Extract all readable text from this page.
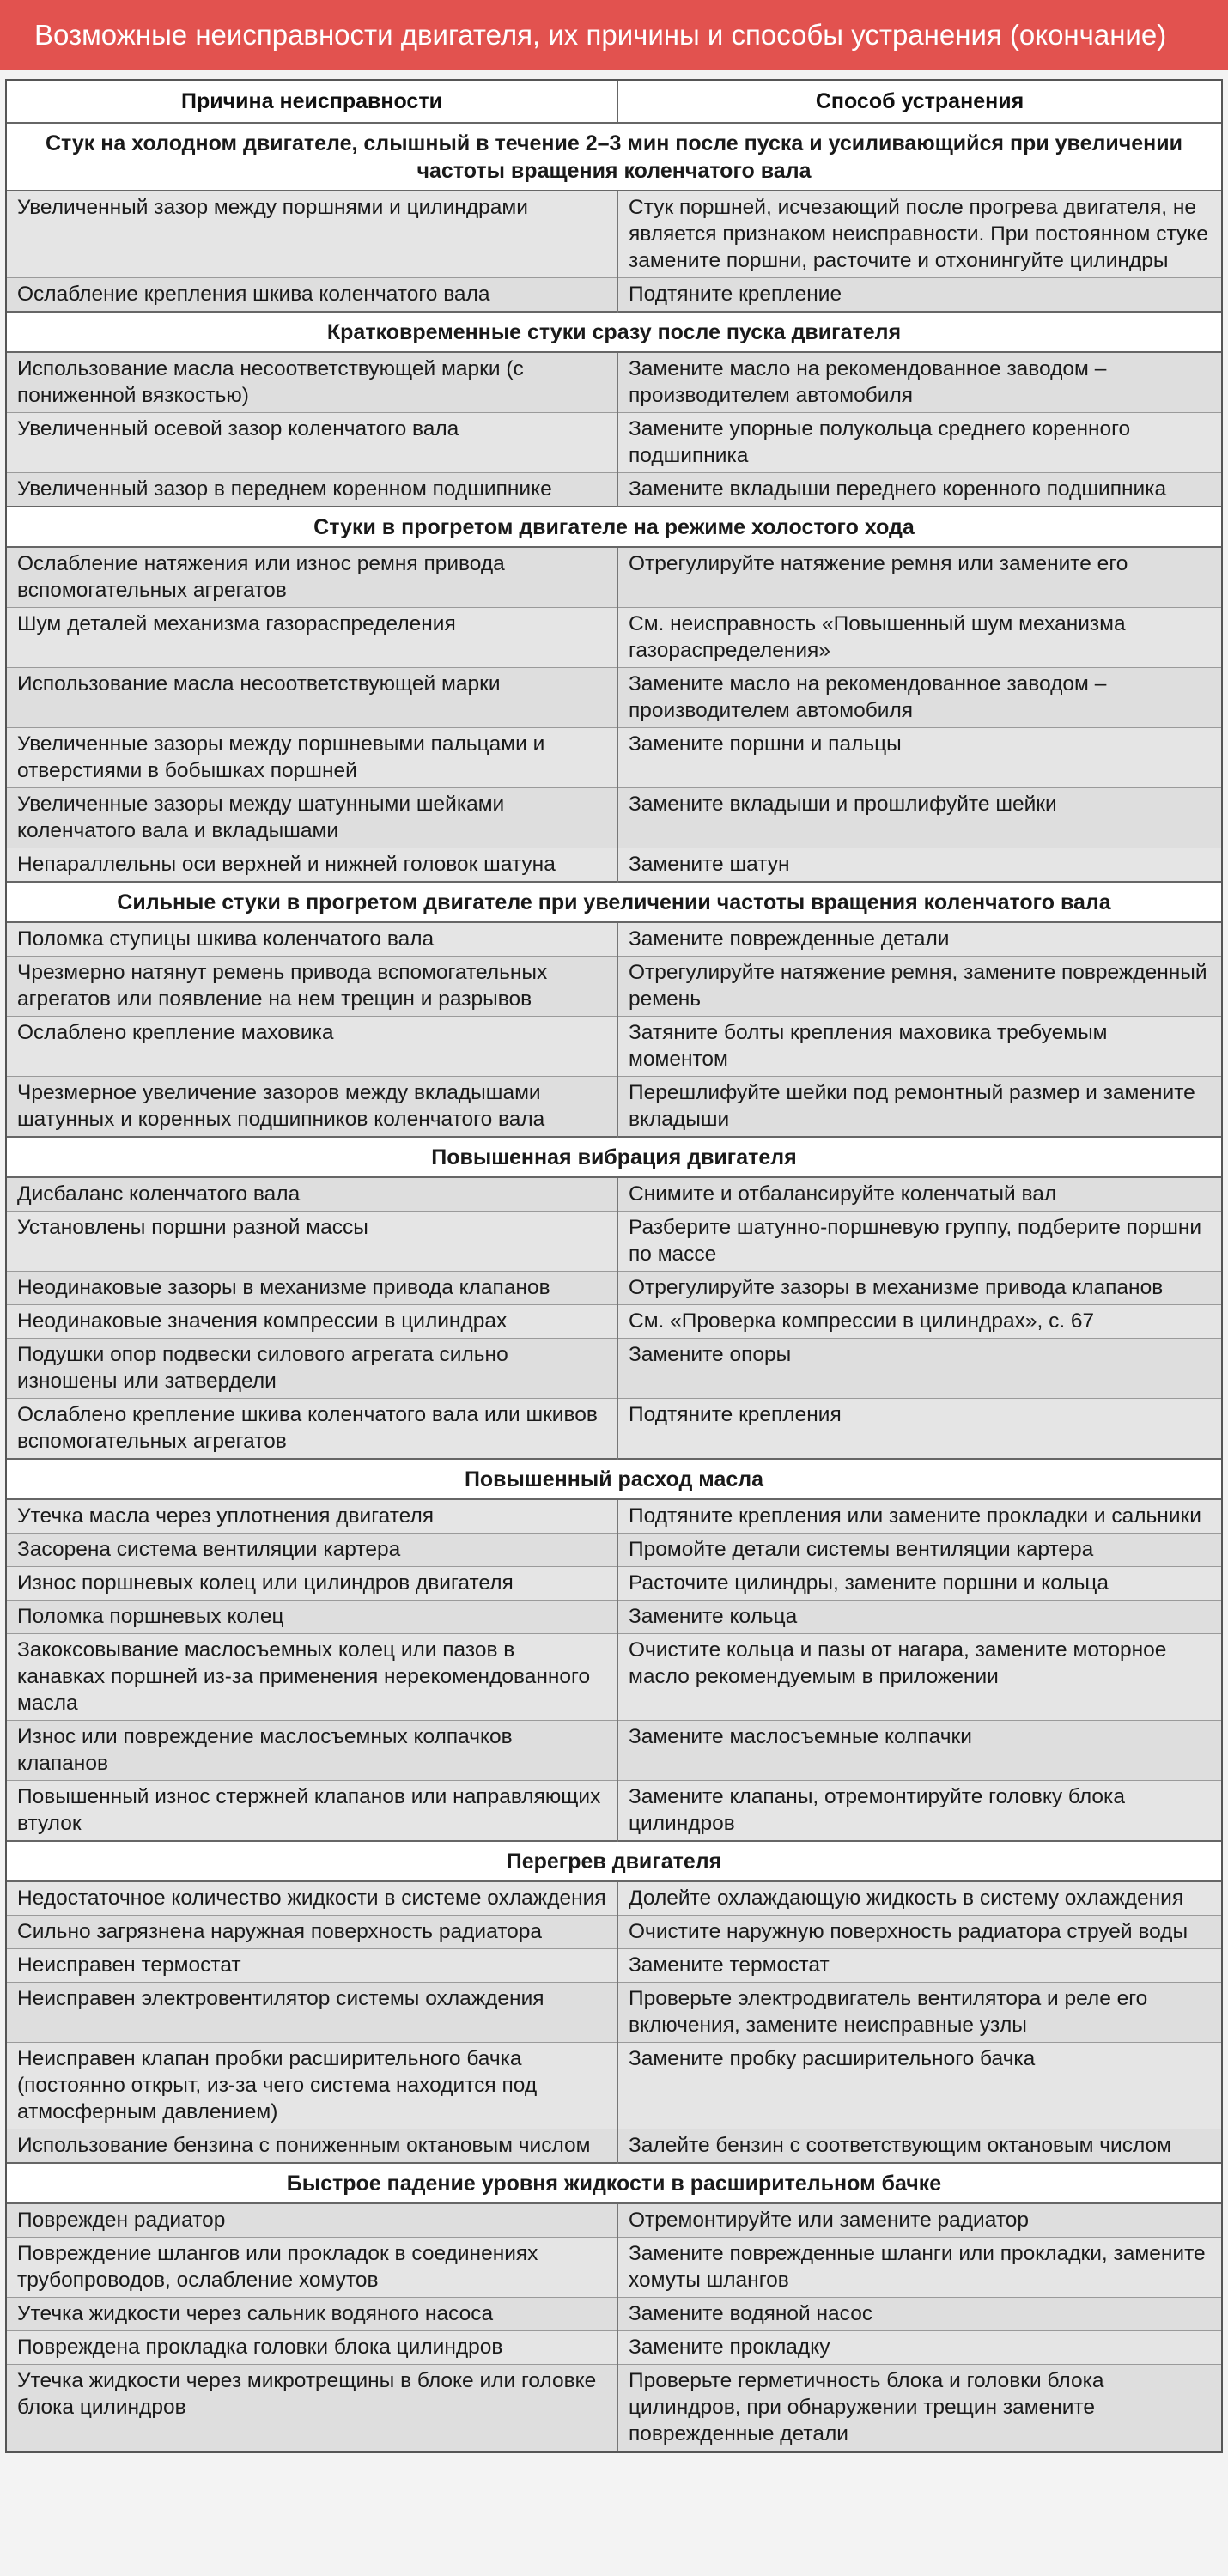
Возможные неисправности двигателя, их причины и способы устранения (окончание)
Причина неисправности	Способ устранения
Стук на холодном двигателе, слышный в течение 2–3 мин после пуска и усиливающийся при увеличении частоты вращения коленчатого вала	
Увеличенный зазор между поршнями и цилиндрами	Стук поршней, исчезающий после прогрева двигателя, не является признаком неисправности. При постоянном стуке замените поршни, расточите и отхонингуйте цилиндры
Ослабление крепления шкива коленчатого вала	Подтяните крепление
Кратковременные стуки сразу после пуска двигателя	
Использование масла несоответствующей марки (с пониженной вязкостью)	Замените масло на рекомендованное заводом – производителем автомобиля
Увеличенный осевой зазор коленчатого вала	Замените упорные полукольца среднего коренного подшипника
Увеличенный зазор в переднем коренном подшипнике	Замените вкладыши переднего коренного подшипника
Стуки в прогретом двигателе на режиме холостого хода	
Ослабление натяжения или износ ремня привода вспомогательных агрегатов	Отрегулируйте натяжение ремня или замените его
Шум деталей механизма газораспределения	См. неисправность «Повышенный шум механизма газораспределения»
Использование масла несоответствующей марки	Замените масло на рекомендованное заводом – производителем автомобиля
Увеличенные зазоры между поршневыми пальцами и отверстиями в бобышках поршней	Замените поршни и пальцы
Увеличенные зазоры между шатунными шейками коленчатого вала и вкладышами	Замените вкладыши и прошлифуйте шейки
Непараллельны оси верхней и нижней головок шатуна	Замените шатун
Сильные стуки в прогретом двигателе при увеличении частоты вращения коленчатого вала	
Поломка ступицы шкива коленчатого вала	Замените поврежденные детали
Чрезмерно натянут ремень привода вспомогательных агрегатов или появление на нем трещин и разрывов	Отрегулируйте натяжение ремня, замените поврежденный ремень
Ослаблено крепление маховика	Затяните болты крепления маховика требуемым моментом
Чрезмерное увеличение зазоров между вкладышами шатунных и коренных подшипников коленчатого вала	Перешлифуйте шейки под ремонтный размер и замените вкладыши
Повышенная вибрация двигателя	
Дисбаланс коленчатого вала	Снимите и отбалансируйте коленчатый вал
Установлены поршни разной массы	Разберите шатунно-поршневую группу, подберите поршни по массе
Неодинаковые зазоры в механизме привода клапанов	Отрегулируйте зазоры в механизме привода клапанов
Неодинаковые значения компрессии в цилиндрах	См. «Проверка компрессии в цилиндрах», с. 67
Подушки опор подвески силового агрегата сильно изношены или затвердели	Замените опоры
Ослаблено крепление шкива коленчатого вала или шкивов вспомогательных агрегатов	Подтяните крепления
Повышенный расход масла	
Утечка масла через уплотнения двигателя	Подтяните крепления или замените прокладки и сальники
Засорена система вентиляции картера	Промойте детали системы вентиляции картера
Износ поршневых колец или цилиндров двигателя	Расточите цилиндры, замените поршни и кольца
Поломка поршневых колец	Замените кольца
Закоксовывание маслосъемных колец или пазов в канавках поршней из-за применения нерекомендованного масла	Очистите кольца и пазы от нагара, замените моторное масло рекомендуемым в приложении
Износ или повреждение маслосъемных колпачков клапанов	Замените маслосъемные колпачки
Повышенный износ стержней клапанов или направляющих втулок	Замените клапаны, отремонтируйте головку блока цилиндров
Перегрев двигателя	
Недостаточное количество жидкости в системе охлаждения	Долейте охлаждающую жидкость в систему охлаждения
Сильно загрязнена наружная поверхность радиатора	Очистите наружную поверхность радиатора струей воды
Неисправен термостат	Замените термостат
Неисправен электровентилятор системы охлаждения	Проверьте электродвигатель вентилятора и реле его включения, замените неисправные узлы
Неисправен клапан пробки расширительного бачка (постоянно открыт, из-за чего система находится под атмосферным давлением)	Замените пробку расширительного бачка
Использование бензина с пониженным октановым числом	Залейте бензин с соответствующим октановым числом
Быстрое падение уровня жидкости в расширительном бачке	
Поврежден радиатор	Отремонтируйте или замените радиатор
Повреждение шлангов или прокладок в соединениях трубопроводов, ослабление хомутов	Замените поврежденные шланги или прокладки, замените хомуты шлангов
Утечка жидкости через сальник водяного насоса	Замените водяной насос
Повреждена прокладка головки блока цилиндров	Замените прокладку
Утечка жидкости через микротрещины в блоке или головке блока цилиндров	Проверьте герметичность блока и головки блока цилиндров, при обнаружении трещин замените поврежденные детали
